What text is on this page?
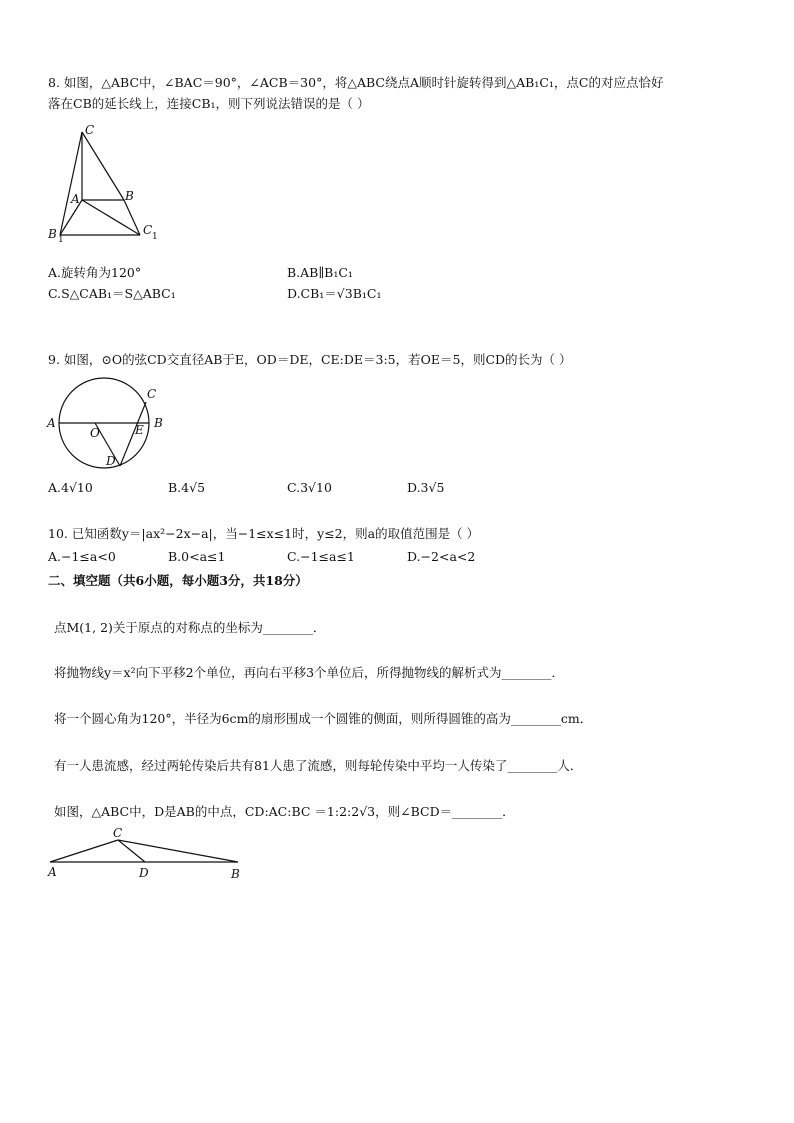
8. 如图，△ABC中，∠BAC＝90°，∠ACB＝30°，将△ABC绕点A顺时针旋转得到△AB₁C₁，点C的对应点恰好
落在CB的延长线上，连接CB₁，则下列说法错误的是（ ）
C
B
A
B 1
C 1
A.旋转角为120°	B.AB∥B₁C₁
C.S△CAB₁＝S△ABC₁	D.CB₁＝√3B₁C₁
9. 如图，⊙O的弦CD交直径AB于E，OD＝DE，CE:DE＝3:5，若OE＝5，则CD的长为（ ）
A	B
C
O	E
D
A.4√10	B.4√5	C.3√10	D.3√5
10. 已知函数y＝|ax²−2x−a|，当−1≤x≤1时，y≤2，则a的取值范围是（ ）
A.−1≤a<0	B.0<a≤1	C.−1≤a≤1	D.−2<a<2
二、填空题（共6小题，每小题3分，共18分）
点M(1, 2)关于原点的对称点的坐标为________．
将抛物线y＝x²向下平移2个单位，再向右平移3个单位后，所得抛物线的解析式为________．
将一个圆心角为120°，半径为6cm的扇形围成一个圆锥的侧面，则所得圆锥的高为________cm．
有一人患流感，经过两轮传染后共有81人患了流感，则每轮传染中平均一人传染了________人．
如图，△ABC中，D是AB的中点，CD:AC:BC ＝1:2:2√3，则∠BCD＝________．
C
A	D	B
